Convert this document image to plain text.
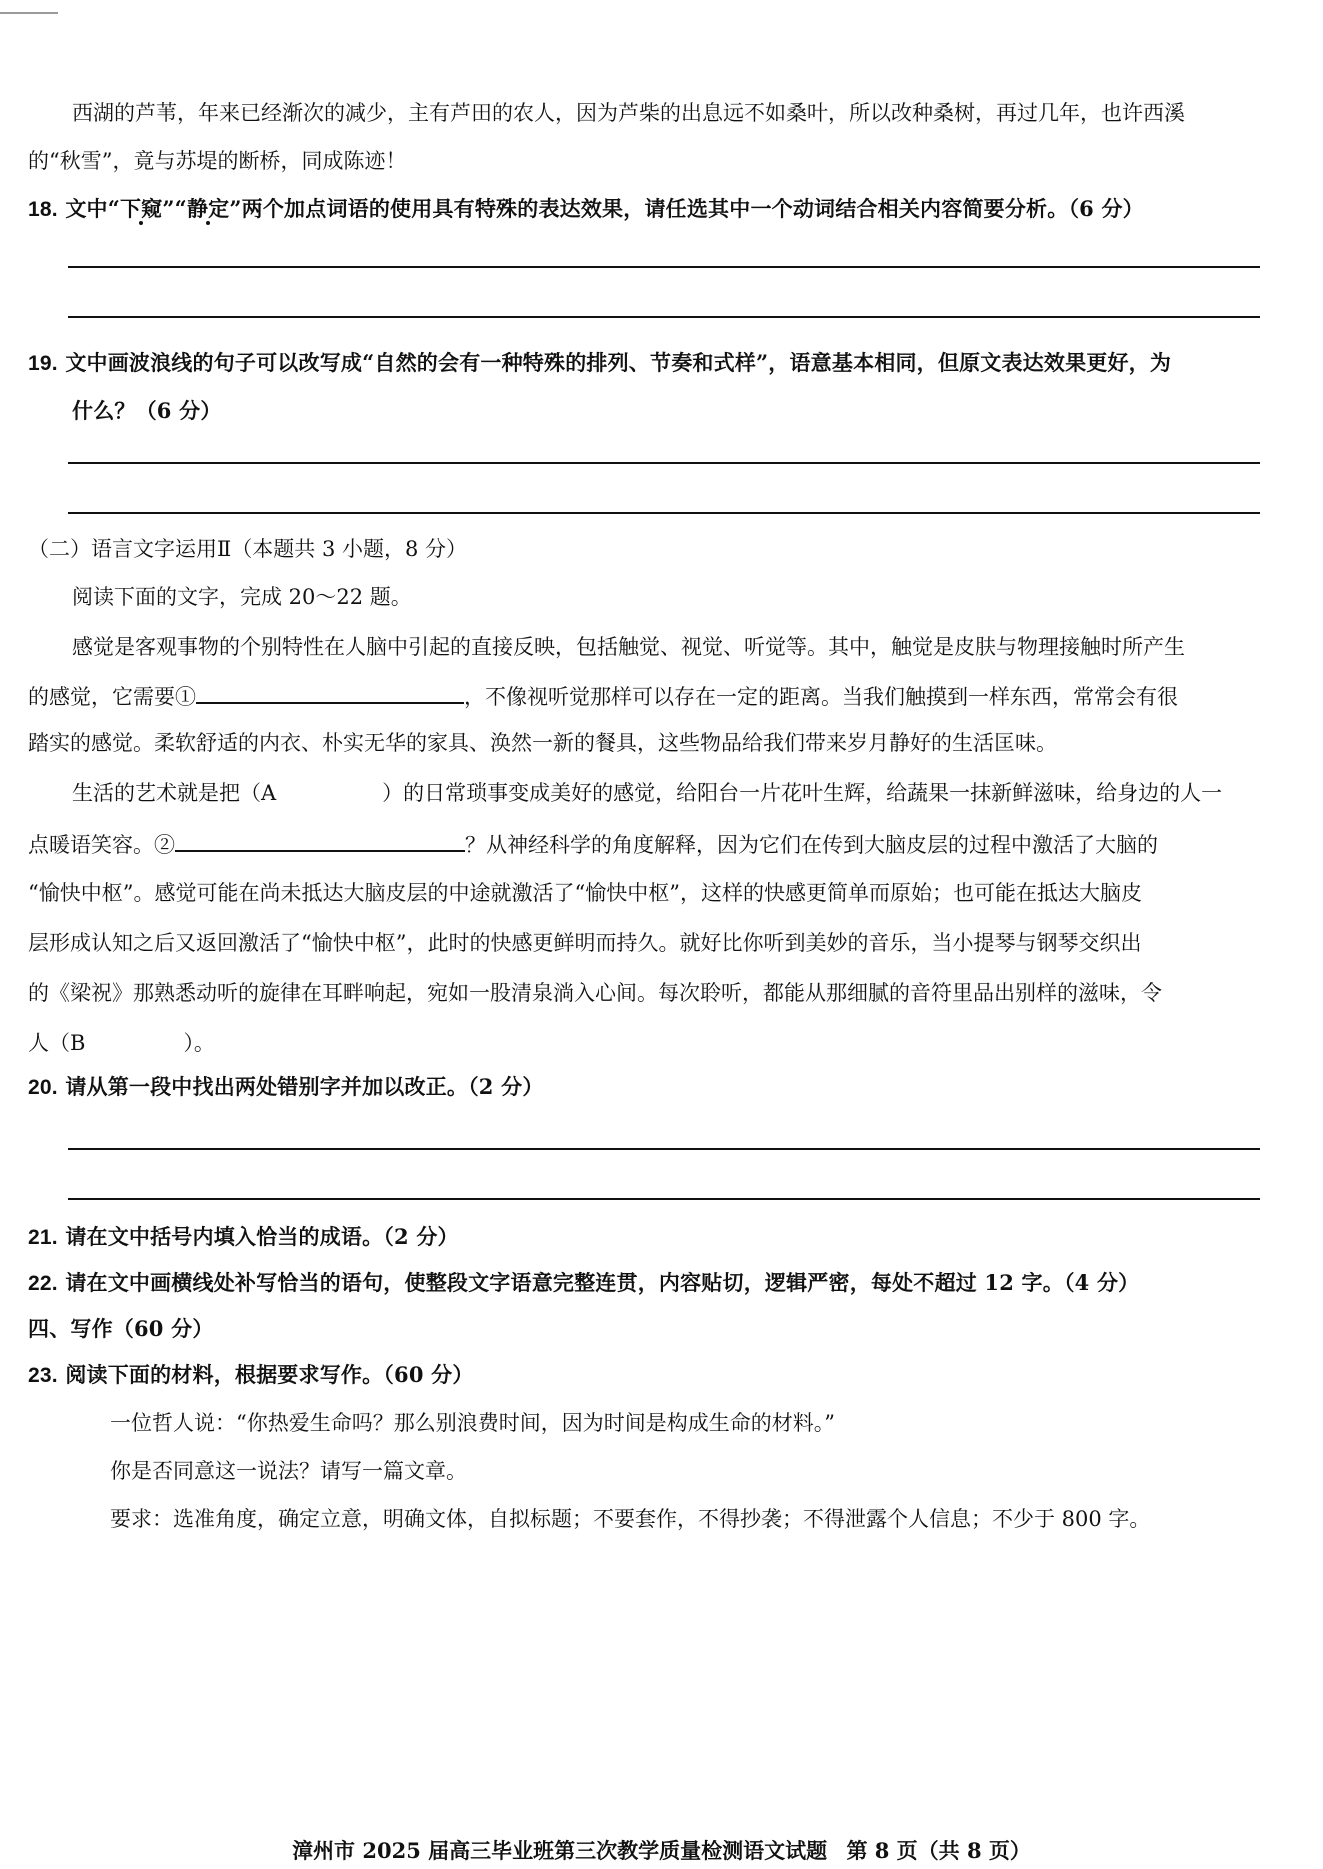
西湖的芦苇，年来已经渐次的减少，主有芦田的农人，因为芦柴的出息远不如桑叶，所以改种桑树，再过几年，也许西溪
的“秋雪”，竟与苏堤的断桥，同成陈迹！
18. 文中“下窥”“静定”两个加点词语的使用具有特殊的表达效果，请任选其中一个动词结合相关内容简要分析。（6 分）
19. 文中画波浪线的句子可以改写成“自然的会有一种特殊的排列、节奏和式样”，语意基本相同，但原文表达效果更好，为
什么？（6 分）
（二）语言文字运用Ⅱ（本题共 3 小题，8 分）
阅读下面的文字，完成 20～22 题。
感觉是客观事物的个别特性在人脑中引起的直接反映，包括触觉、视觉、听觉等。其中，触觉是皮肤与物理接触时所产生
的感觉，它需要①	，不像视听觉那样可以存在一定的距离。当我们触摸到一样东西，常常会有很
踏实的感觉。柔软舒适的内衣、朴实无华的家具、涣然一新的餐具，这些物品给我们带来岁月静好的生活匡味。
生活的艺术就是把（A	）的日常琐事变成美好的感觉，给阳台一片花叶生辉，给蔬果一抹新鲜滋味，给身边的人一
点暖语笑容。②	？从神经科学的角度解释，因为它们在传到大脑皮层的过程中激活了大脑的
“愉快中枢”。感觉可能在尚未抵达大脑皮层的中途就激活了“愉快中枢”，这样的快感更简单而原始；也可能在抵达大脑皮
层形成认知之后又返回激活了“愉快中枢”，此时的快感更鲜明而持久。就好比你听到美妙的音乐，当小提琴与钢琴交织出
的《梁祝》那熟悉动听的旋律在耳畔响起，宛如一股清泉淌入心间。每次聆听，都能从那细腻的音符里品出别样的滋味，令
人（B	）。
20. 请从第一段中找出两处错别字并加以改正。（2 分）
21. 请在文中括号内填入恰当的成语。（2 分）
22. 请在文中画横线处补写恰当的语句，使整段文字语意完整连贯，内容贴切，逻辑严密，每处不超过 12 字。（4 分）
四、写作（60 分）
23. 阅读下面的材料，根据要求写作。（60 分）
一位哲人说：“你热爱生命吗？那么别浪费时间，因为时间是构成生命的材料。”
你是否同意这一说法？请写一篇文章。
要求：选准角度，确定立意，明确文体，自拟标题；不要套作，不得抄袭；不得泄露个人信息；不少于 800 字。
漳州市 2025 届高三毕业班第三次教学质量检测语文试题 第 8 页（共 8 页）
